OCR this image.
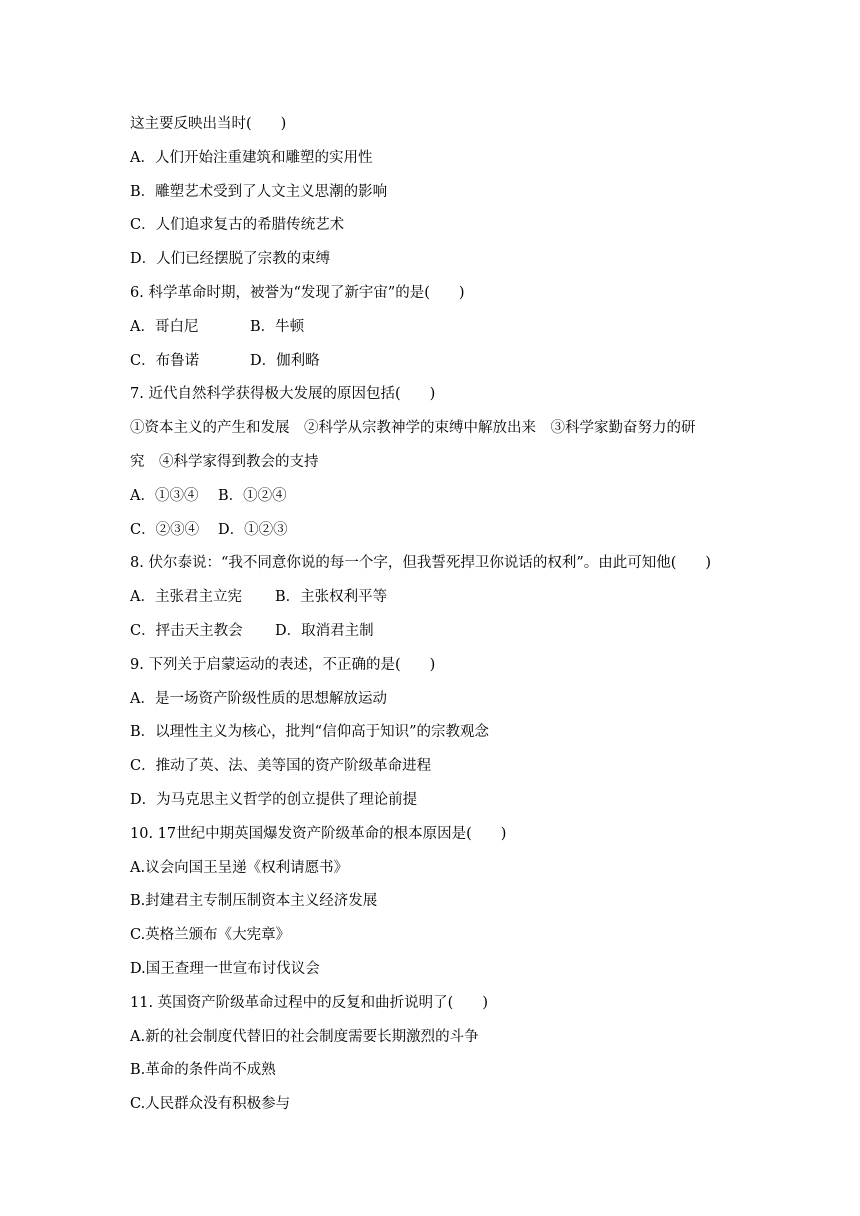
这主要反映出当时(　　)
A．人们开始注重建筑和雕塑的实用性
B．雕塑艺术受到了人文主义思潮的影响
C．人们追求复古的希腊传统艺术
D．人们已经摆脱了宗教的束缚
6. 科学革命时期，被誉为“发现了新宇宙”的是(　　)
A．哥白尼	B．牛顿
C．布鲁诺	D．伽利略
7. 近代自然科学获得极大发展的原因包括(　　)
①资本主义的产生和发展　②科学从宗教神学的束缚中解放出来　③科学家勤奋努力的研
究　④科学家得到教会的支持
A．①③④ B．①②④
C．②③④ D．①②③
8. 伏尔泰说：“我不同意你说的每一个字，但我誓死捍卫你说话的权利”。由此可知他(　　)
A．主张君主立宪 B．主张权利平等
C．抨击天主教会 D．取消君主制
9. 下列关于启蒙运动的表述，不正确的是(　　)
A．是一场资产阶级性质的思想解放运动
B．以理性主义为核心，批判“信仰高于知识”的宗教观念
C．推动了英、法、美等国的资产阶级革命进程
D．为马克思主义哲学的创立提供了理论前提
10. 17世纪中期英国爆发资产阶级革命的根本原因是(　　)
A.议会向国王呈递《权利请愿书》
B.封建君主专制压制资本主义经济发展
C.英格兰颁布《大宪章》
D.国王查理一世宣布讨伐议会
11. 英国资产阶级革命过程中的反复和曲折说明了(　　)
A.新的社会制度代替旧的社会制度需要长期激烈的斗争
B.革命的条件尚不成熟
C.人民群众没有积极参与
